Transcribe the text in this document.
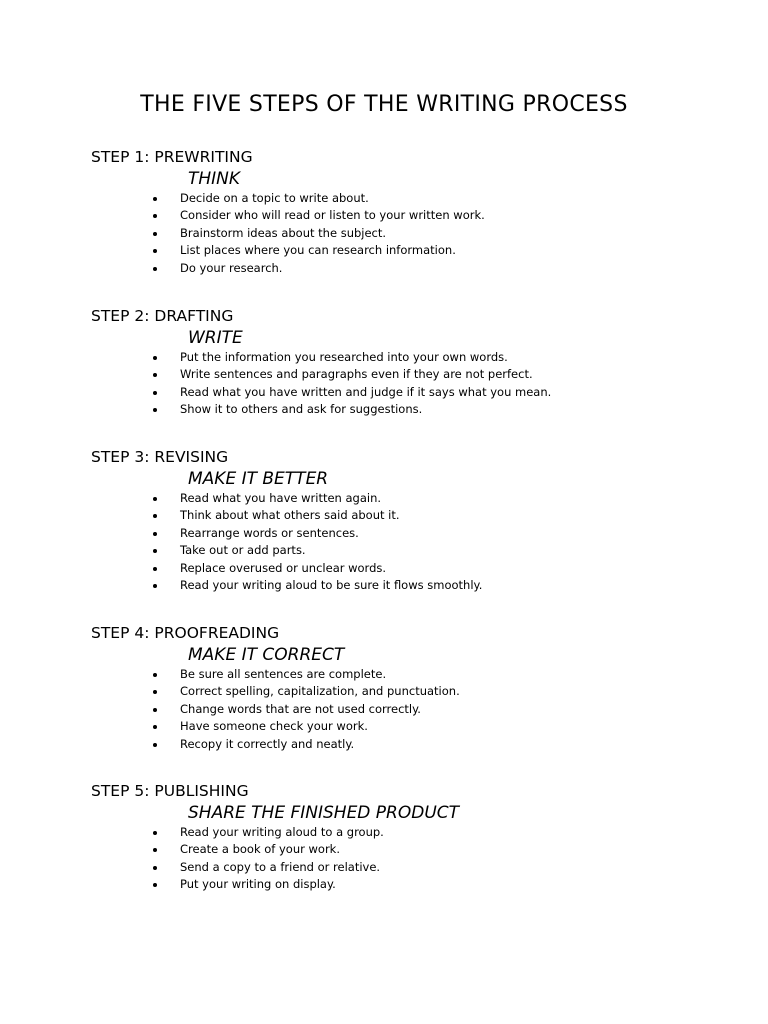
THE FIVE STEPS OF THE WRITING PROCESS
STEP 1: PREWRITING
THINK
Decide on a topic to write about.
Consider who will read or listen to your written work.
Brainstorm ideas about the subject.
List places where you can research information.
Do your research.
STEP 2: DRAFTING
WRITE
Put the information you researched into your own words.
Write sentences and paragraphs even if they are not perfect.
Read what you have written and judge if it says what you mean.
Show it to others and ask for suggestions.
STEP 3: REVISING
MAKE IT BETTER
Read what you have written again.
Think about what others said about it.
Rearrange words or sentences.
Take out or add parts.
Replace overused or unclear words.
Read your writing aloud to be sure it flows smoothly.
STEP 4: PROOFREADING
MAKE IT CORRECT
Be sure all sentences are complete.
Correct spelling, capitalization, and punctuation.
Change words that are not used correctly.
Have someone check your work.
Recopy it correctly and neatly.
STEP 5: PUBLISHING
SHARE THE FINISHED PRODUCT
Read your writing aloud to a group.
Create a book of your work.
Send a copy to a friend or relative.
Put your writing on display.
